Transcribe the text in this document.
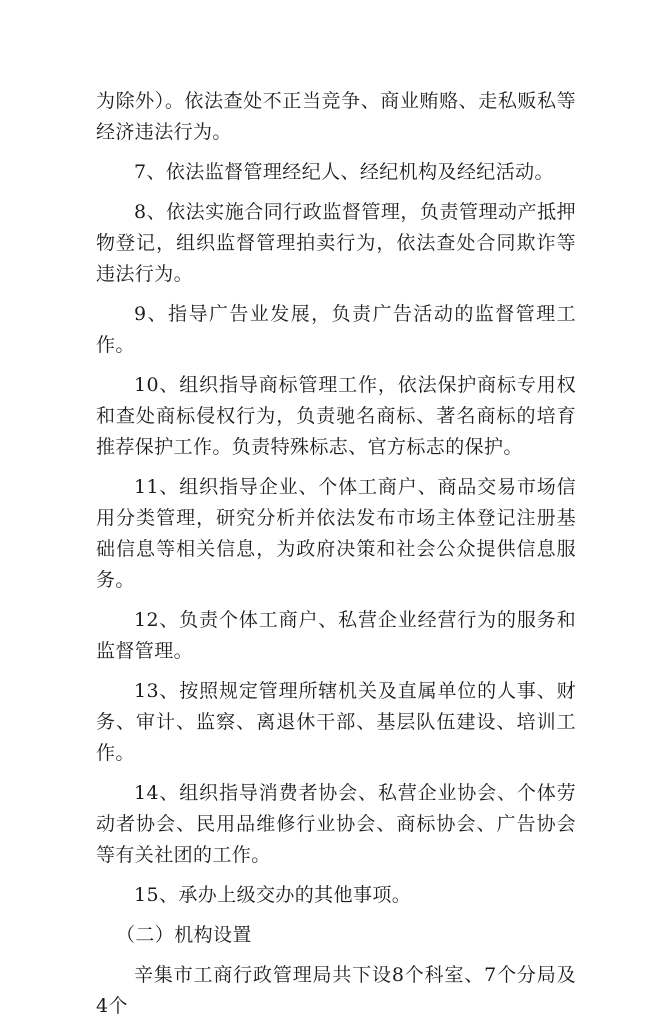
为除外）。依法查处不正当竞争、商业贿赂、走私贩私等经济违法行为。

7、依法监督管理经纪人、经纪机构及经纪活动。

8、依法实施合同行政监督管理，负责管理动产抵押物登记，组织监督管理拍卖行为，依法查处合同欺诈等违法行为。

9、指导广告业发展，负责广告活动的监督管理工作。

10、组织指导商标管理工作，依法保护商标专用权和查处商标侵权行为，负责驰名商标、著名商标的培育推荐保护工作。负责特殊标志、官方标志的保护。

11、组织指导企业、个体工商户、商品交易市场信用分类管理，研究分析并依法发布市场主体登记注册基础信息等相关信息，为政府决策和社会公众提供信息服务。

12、负责个体工商户、私营企业经营行为的服务和监督管理。

13、按照规定管理所辖机关及直属单位的人事、财务、审计、监察、离退休干部、基层队伍建设、培训工作。

14、组织指导消费者协会、私营企业协会、个体劳动者协会、民用品维修行业协会、商标协会、广告协会等有关社团的工作。

15、承办上级交办的其他事项。

（二）机构设置

辛集市工商行政管理局共下设8个科室、7个分局及4个
